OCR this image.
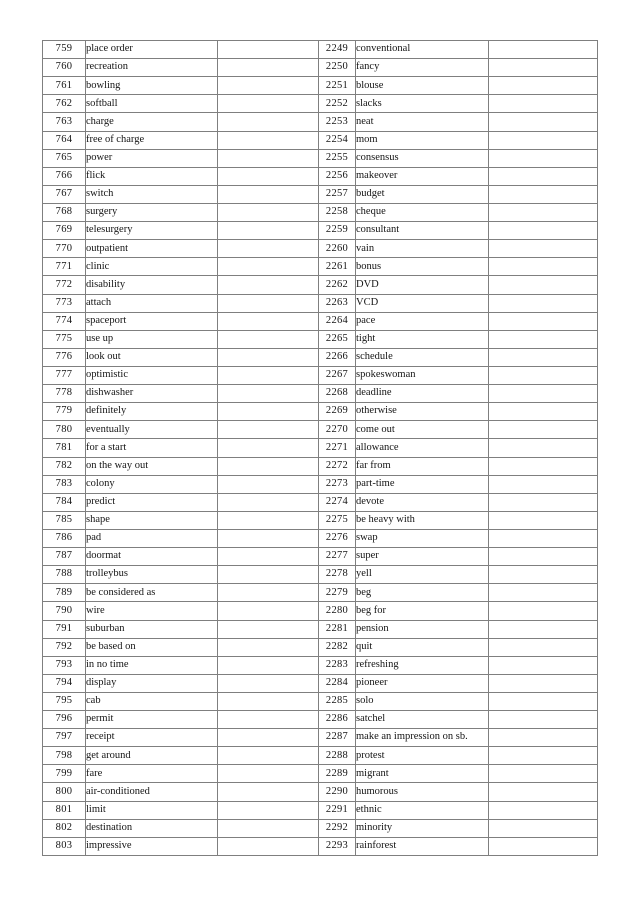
759	place order		2249	conventional	
760	recreation		2250	fancy	
761	bowling		2251	blouse	
762	softball		2252	slacks	
763	charge		2253	neat	
764	free of charge		2254	mom	
765	power		2255	consensus	
766	flick		2256	makeover	
767	switch		2257	budget	
768	surgery		2258	cheque	
769	telesurgery		2259	consultant	
770	outpatient		2260	vain	
771	clinic		2261	bonus	
772	disability		2262	DVD	
773	attach		2263	VCD	
774	spaceport		2264	pace	
775	use up		2265	tight	
776	look out		2266	schedule	
777	optimistic		2267	spokeswoman	
778	dishwasher		2268	deadline	
779	definitely		2269	otherwise	
780	eventually		2270	come out	
781	for a start		2271	allowance	
782	on the way out		2272	far from	
783	colony		2273	part-time	
784	predict		2274	devote	
785	shape		2275	be heavy with	
786	pad		2276	swap	
787	doormat		2277	super	
788	trolleybus		2278	yell	
789	be considered as		2279	beg	
790	wire		2280	beg for	
791	suburban		2281	pension	
792	be based on		2282	quit	
793	in no time		2283	refreshing	
794	display		2284	pioneer	
795	cab		2285	solo	
796	permit		2286	satchel	
797	receipt		2287	make an impression on sb.	
798	get around		2288	protest	
799	fare		2289	migrant	
800	air-conditioned		2290	humorous	
801	limit		2291	ethnic	
802	destination		2292	minority	
803	impressive		2293	rainforest	
